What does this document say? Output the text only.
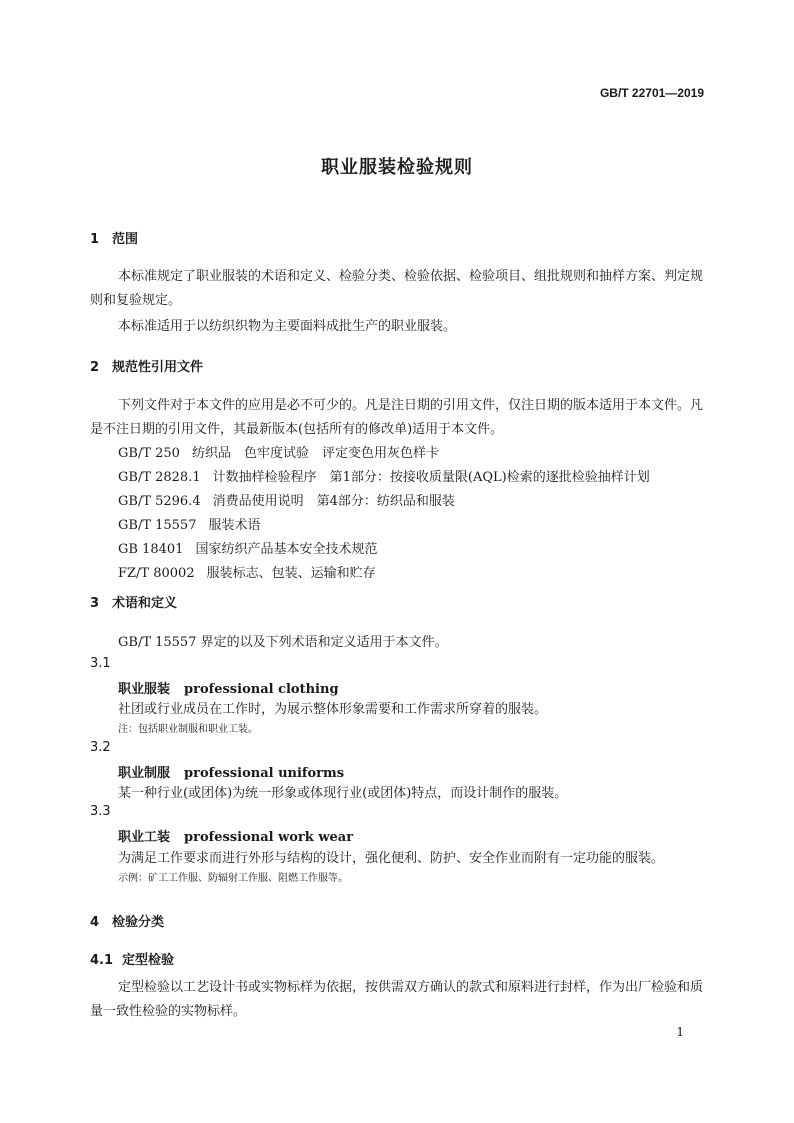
GB/T 22701—2019
职业服装检验规则
1 范围
本标准规定了职业服装的术语和定义、检验分类、检验依据、检验项目、组批规则和抽样方案、判定规则和复验规定。
本标准适用于以纺织织物为主要面料成批生产的职业服装。
2 规范性引用文件
下列文件对于本文件的应用是必不可少的。凡是注日期的引用文件，仅注日期的版本适用于本文件。凡是不注日期的引用文件，其最新版本(包括所有的修改单)适用于本文件。
GB/T 250 纺织品　色牢度试验　评定变色用灰色样卡
GB/T 2828.1 计数抽样检验程序　第1部分：按接收质量限(AQL)检索的逐批检验抽样计划
GB/T 5296.4 消费品使用说明　第4部分：纺织品和服装
GB/T 15557 服装术语
GB 18401 国家纺织产品基本安全技术规范
FZ/T 80002 服装标志、包装、运输和贮存
3 术语和定义
GB/T 15557 界定的以及下列术语和定义适用于本文件。
3.1
职业服装 professional clothing
社团或行业成员在工作时，为展示整体形象需要和工作需求所穿着的服装。
注：包括职业制服和职业工装。
3.2
职业制服 professional uniforms
某一种行业(或团体)为统一形象或体现行业(或团体)特点，而设计制作的服装。
3.3
职业工装 professional work wear
为满足工作要求而进行外形与结构的设计，强化便利、防护、安全作业而附有一定功能的服装。
示例：矿工工作服、防辐射工作服、阻燃工作服等。
4 检验分类
4.1 定型检验
定型检验以工艺设计书或实物标样为依据，按供需双方确认的款式和原料进行封样，作为出厂检验和质量一致性检验的实物标样。
1
